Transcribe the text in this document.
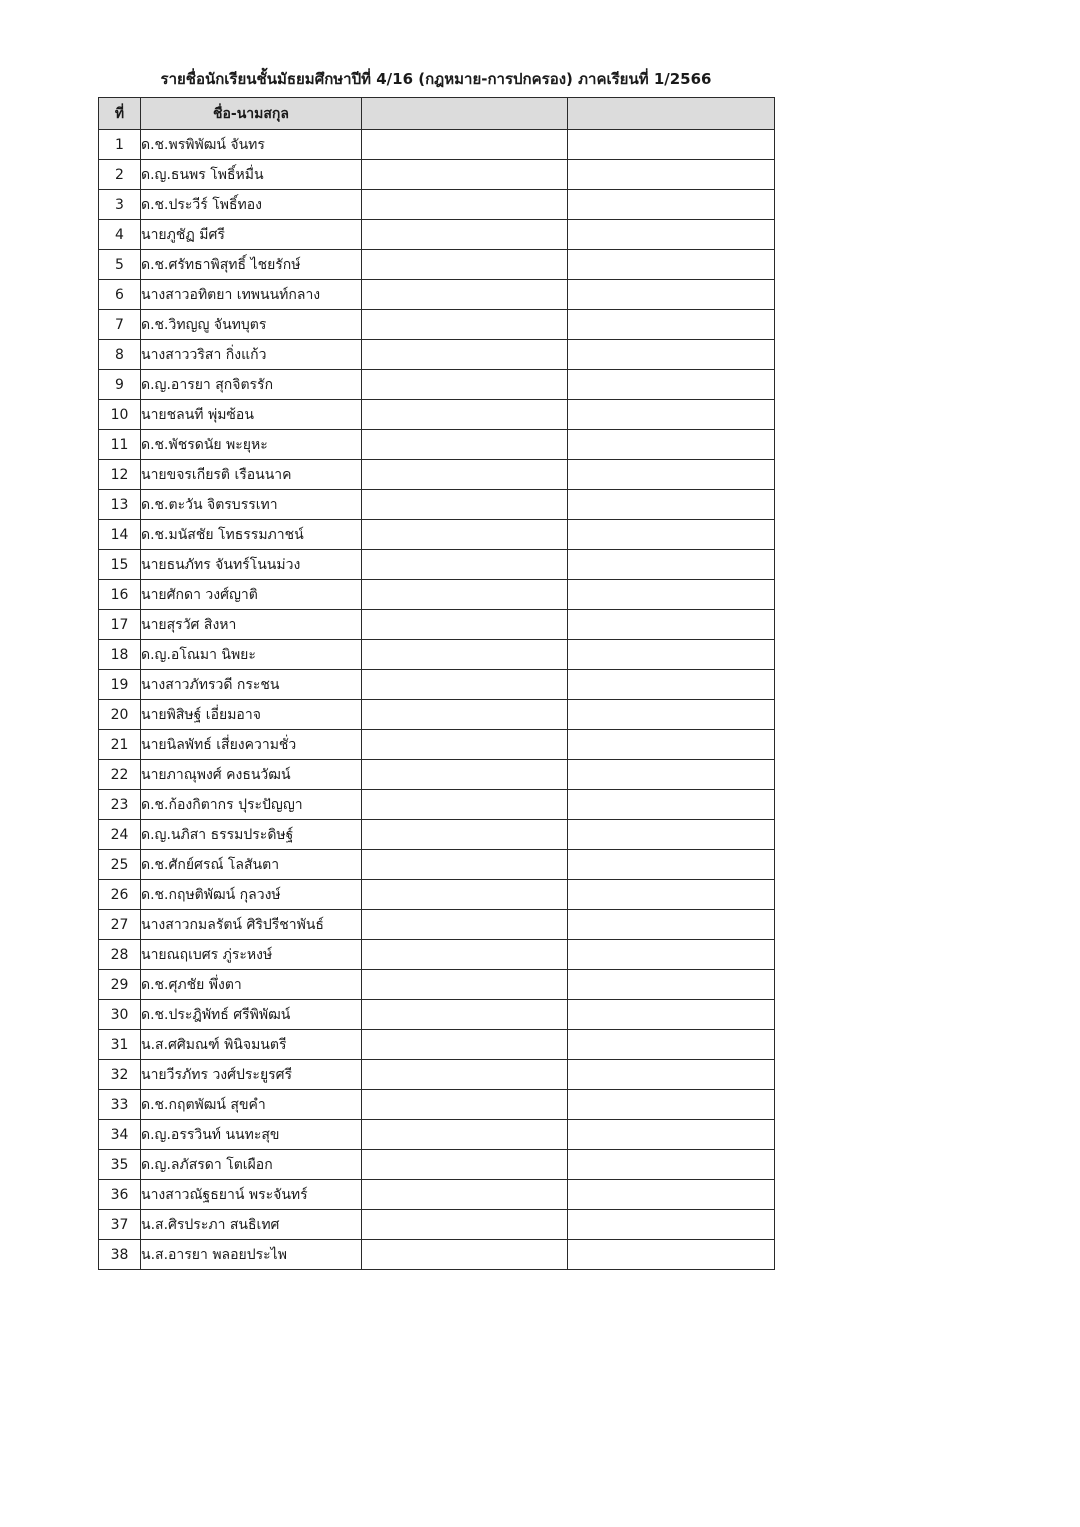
รายชื่อนักเรียนชั้นมัธยมศึกษาปีที่ 4/16 (กฎหมาย-การปกครอง) ภาคเรียนที่ 1/2566
ที่	ชื่อ-นามสกุล		
1	ด.ช.พรพิพัฒน์ จันทร		
2	ด.ญ.ธนพร โพธิ์หมื่น		
3	ด.ช.ประวีร์ โพธิ์ทอง		
4	นายภูชัฏ มีศรี		
5	ด.ช.ศรัทธาพิสุทธิ์ ไชยรักษ์		
6	นางสาวอทิตยา เทพนนท์กลาง		
7	ด.ช.วิทญญู จันทบุตร		
8	นางสาววริสา กิ่งแก้ว		
9	ด.ญ.อารยา สุกจิตรรัก		
10	นายชลนที พุ่มซ้อน		
11	ด.ช.พัชรดนัย พะยุหะ		
12	นายขจรเกียรติ เรือนนาค		
13	ด.ช.ตะวัน จิตรบรรเทา		
14	ด.ช.มนัสชัย โทธรรมภาชน์		
15	นายธนภัทร จันทร์โนนม่วง		
16	นายศักดา วงศ์ญาติ		
17	นายสุรวัศ สิงหา		
18	ด.ญ.อโณมา นิพยะ		
19	นางสาวภัทรวดี กระชน		
20	นายพิสิษฐ์ เอี่ยมอาจ		
21	นายนิลพัทธ์ เสี่ยงความชั่ว		
22	นายภาณุพงศ์ คงธนวัฒน์		
23	ด.ช.ก้องกิตากร ปุระปัญญา		
24	ด.ญ.นภิสา ธรรมประดิษฐ์		
25	ด.ช.ศักย์ศรณ์ โลสันตา		
26	ด.ช.กฤษติพัฒน์ กุลวงษ์		
27	นางสาวกมลรัตน์ ศิริปรีชาพันธ์		
28	นายณฤเบศร ภู่ระหงษ์		
29	ด.ช.ศุภชัย พึ่งตา		
30	ด.ช.ประฎิพัทธ์ ศรีพิพัฒน์		
31	น.ส.ศศิมณฑ์ พินิจมนตรี		
32	นายวีรภัทร วงศ์ประยูรศรี		
33	ด.ช.กฤตพัฒน์ สุขคำ		
34	ด.ญ.อรรวินท์ นนทะสุข		
35	ด.ญ.ลภัสรดา โตเผือก		
36	นางสาวณัฐธยาน์ พระจันทร์		
37	น.ส.ศิรประภา สนธิเทศ		
38	น.ส.อารยา พลอยประไพ		
